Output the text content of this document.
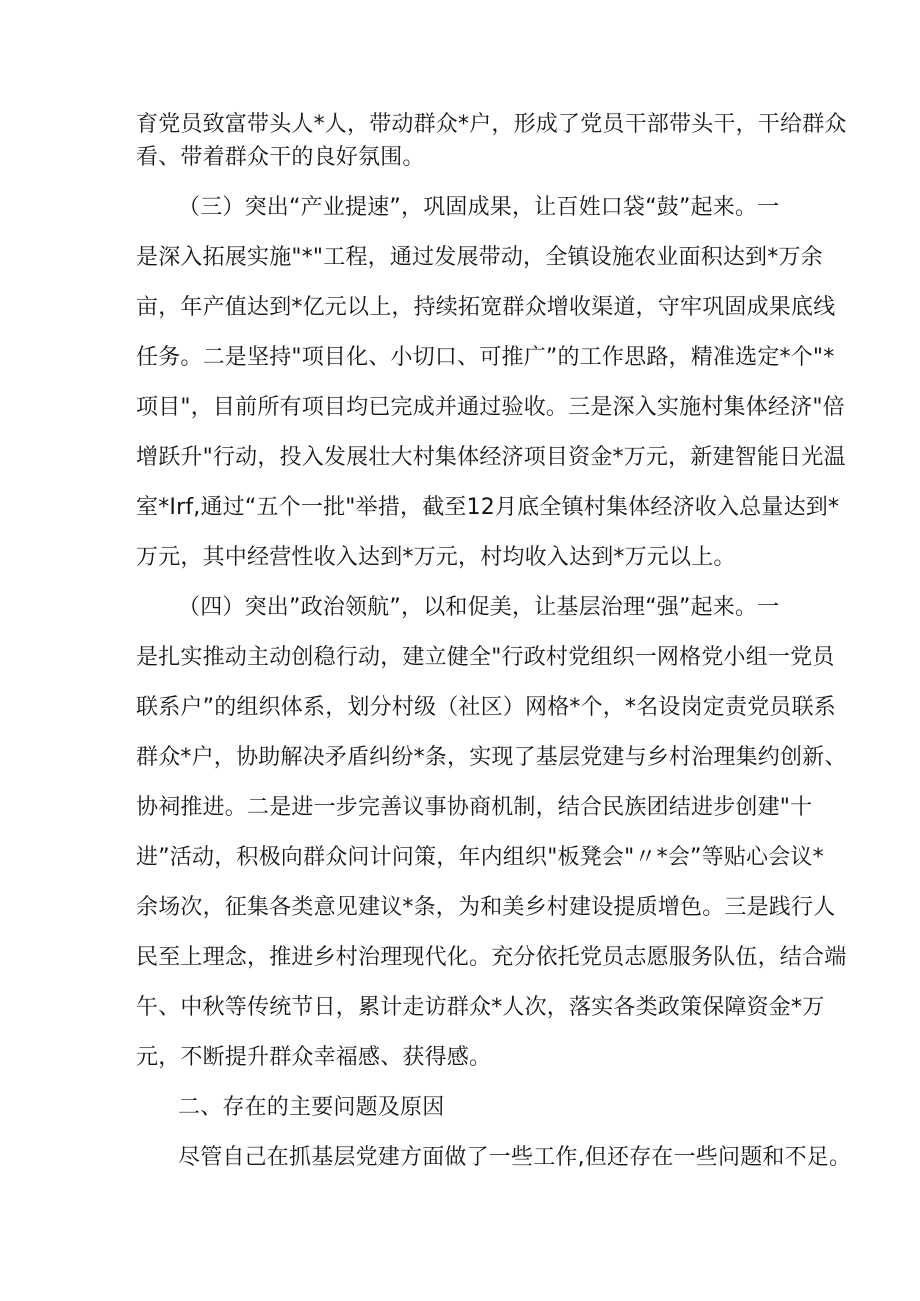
育党员致富带头人*人，带动群众*户，形成了党员干部带头干，干给群众
看、带着群众干的良好氛围。
（三）突出“产业提速”，巩固成果，让百姓口袋“鼓”起来。一
是深入拓展实施"*"工程，通过发展带动，全镇设施农业面积达到*万余
亩，年产值达到*亿元以上，持续拓宽群众增收渠道，守牢巩固成果底线
任务。二是坚持"项目化、小切口、可推广”的工作思路，精准选定*个"*
项目"，目前所有项目均已完成并通过验收。三是深入实施村集体经济"倍
增跃升"行动，投入发展壮大村集体经济项目资金*万元，新建智能日光温
室*Irf,通过“五个一批"举措，截至12月底全镇村集体经济收入总量达到*
万元，其中经营性收入达到*万元，村均收入达到*万元以上。
（四）突出”政治领航”，以和促美，让基层治理“强”起来。一
是扎实推动主动创稳行动，建立健全"行政村党组织一网格党小组一党员
联系户”的组织体系，划分村级（社区）网格*个，*名设岗定责党员联系
群众*户，协助解决矛盾纠纷*条，实现了基层党建与乡村治理集约创新、
协祠推进。二是进一步完善议事协商机制，结合民族团结进步创建"十
进”活动，积极向群众问计问策，年内组织"板凳会"〃*会”等贴心会议*
余场次，征集各类意见建议*条，为和美乡村建设提质增色。三是践行人
民至上理念，推进乡村治理现代化。充分依托党员志愿服务队伍，结合端
午、中秋等传统节日，累计走访群众*人次，落实各类政策保障资金*万
元，不断提升群众幸福感、获得感。
二、存在的主要问题及原因
尽管自己在抓基层党建方面做了一些工作,但还存在一些问题和不足。
